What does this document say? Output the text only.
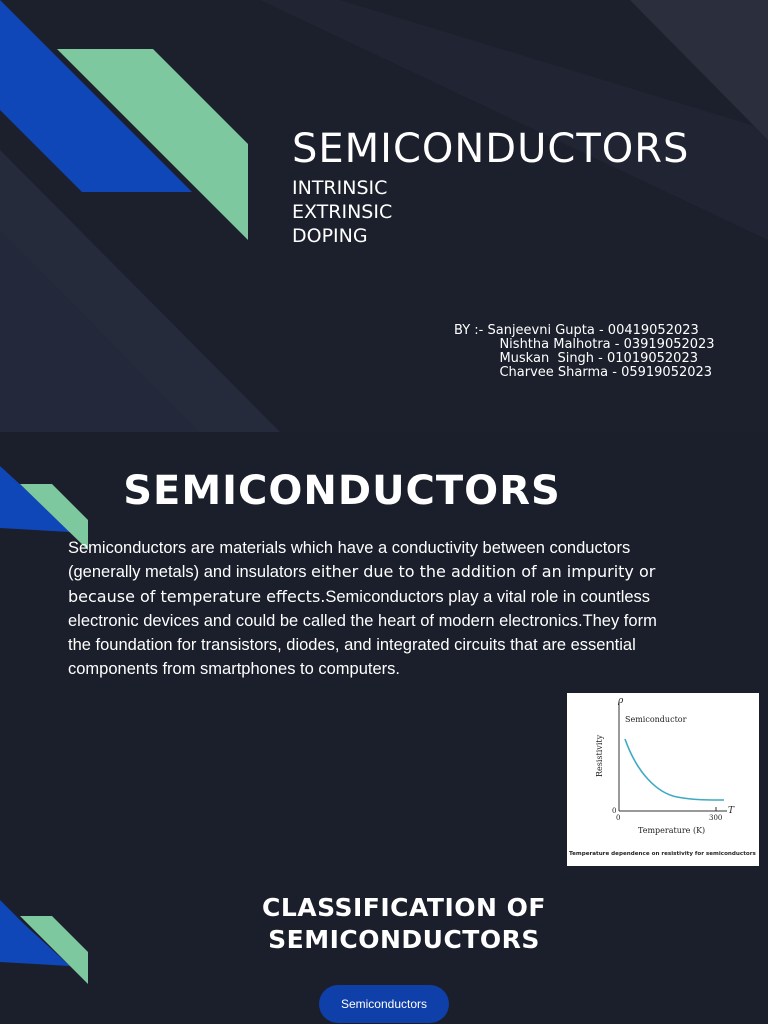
SEMICONDUCTORS
INTRINSIC
EXTRINSIC
DOPING
BY :- Sanjeevni Gupta - 00419052023
Nishtha Malhotra - 03919052023
Muskan  Singh - 01019052023
Charvee Sharma - 05919052023
SEMICONDUCTORS

Semiconductors are materials which have a conductivity between conductors (generally metals) and insulators either due to the addition of an impurity or because of temperature effects.Semiconductors play a vital role in countless electronic devices and could be called the heart of modern electronics.They form the foundation for transistors, diodes, and integrated circuits that are essential components from smartphones to computers.

ρ
T
Semiconductor
Resistivity
0
0	300
Temperature (K)
Temperature dependence on resistivity for semiconductors
CLASSIFICATION OF
SEMICONDUCTORS
Semiconductors
